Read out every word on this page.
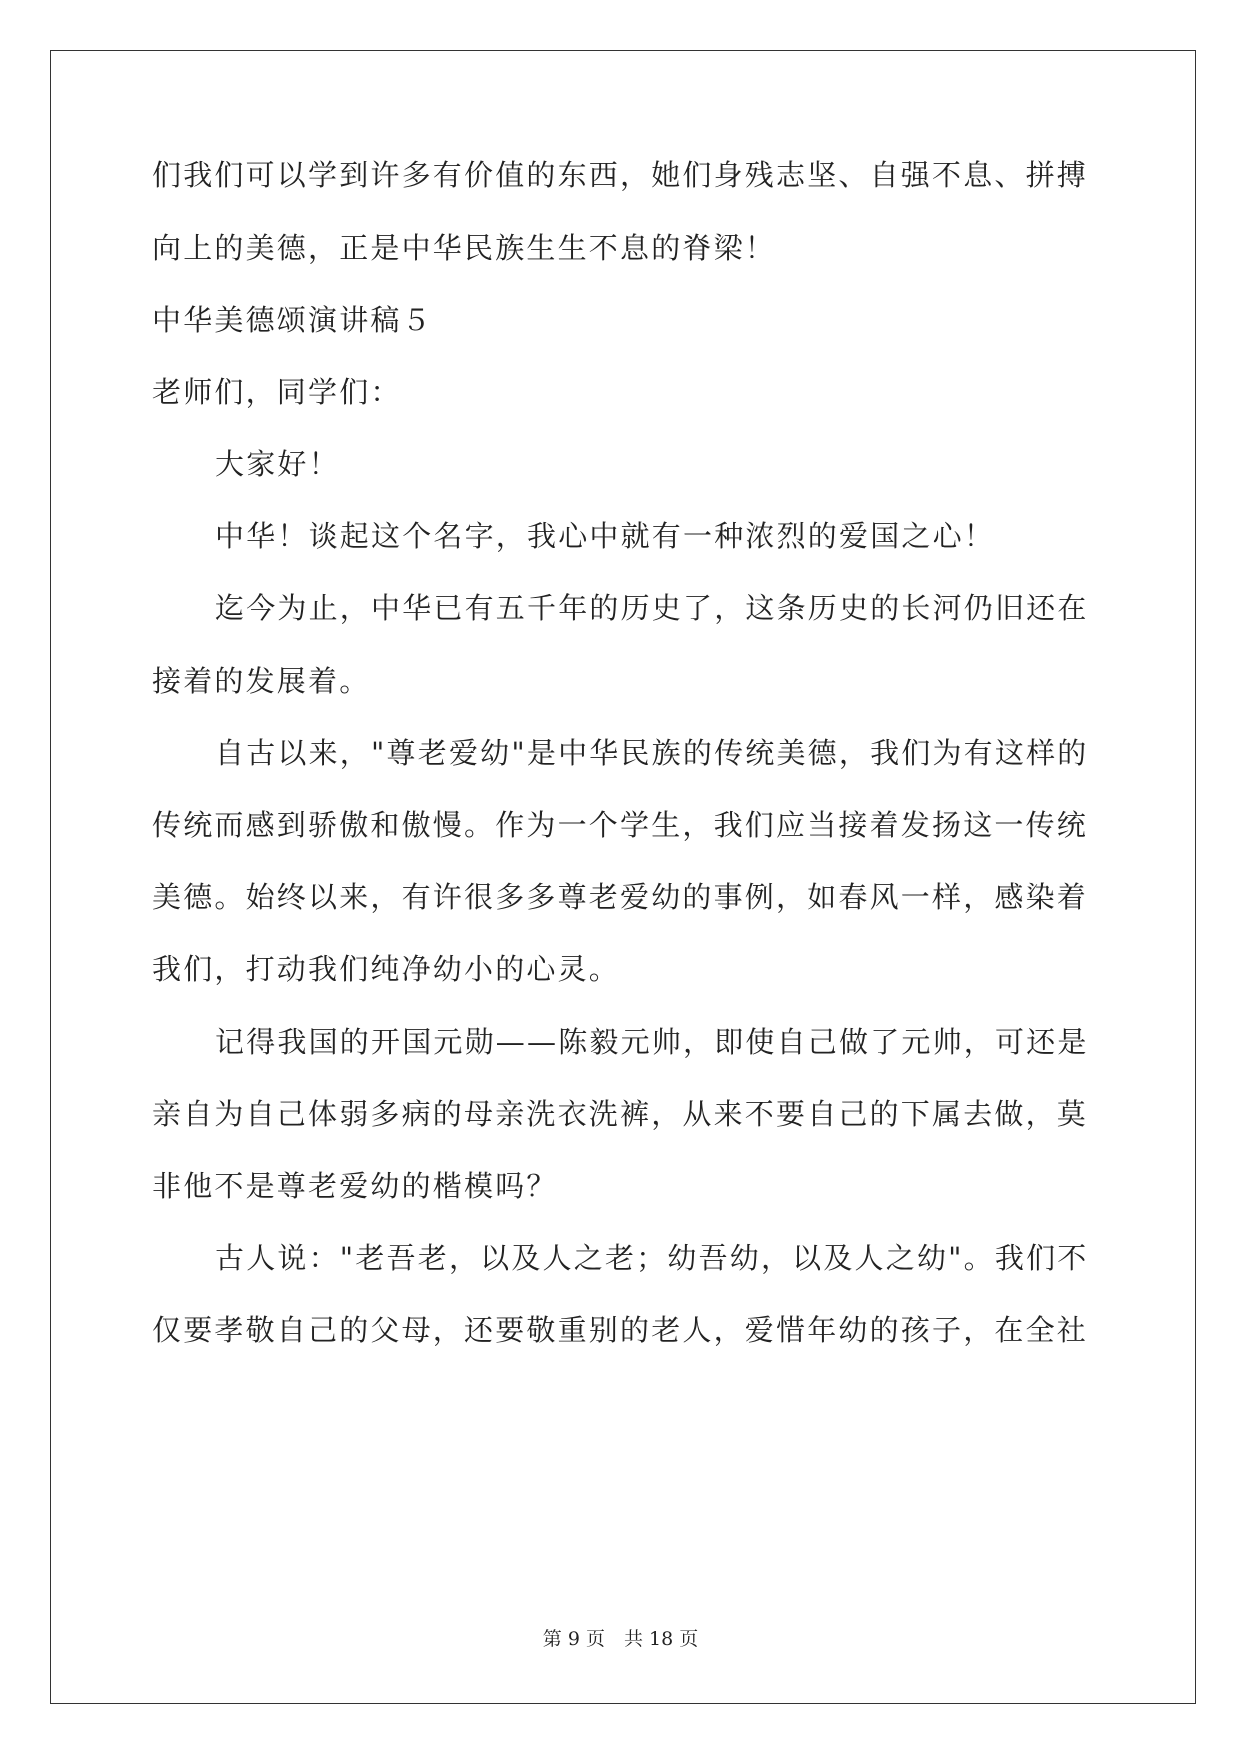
们我们可以学到许多有价值的东西，她们身残志坚、自强不息、拼搏
向上的美德，正是中华民族生生不息的脊梁！
中华美德颂演讲稿５
老师们，同学们：
大家好！
中华！谈起这个名字，我心中就有一种浓烈的爱国之心！
迄今为止，中华已有五千年的历史了，这条历史的长河仍旧还在
接着的发展着。
自古以来，"尊老爱幼"是中华民族的传统美德，我们为有这样的
传统而感到骄傲和傲慢。作为一个学生，我们应当接着发扬这一传统
美德。始终以来，有许很多多尊老爱幼的事例，如春风一样，感染着
我们，打动我们纯净幼小的心灵。
记得我国的开国元勋——陈毅元帅，即使自己做了元帅，可还是
亲自为自己体弱多病的母亲洗衣洗裤，从来不要自己的下属去做，莫
非他不是尊老爱幼的楷模吗？
古人说："老吾老，以及人之老；幼吾幼，以及人之幼"。我们不
仅要孝敬自己的父母，还要敬重别的老人，爱惜年幼的孩子，在全社
第 9 页　共 18 页
